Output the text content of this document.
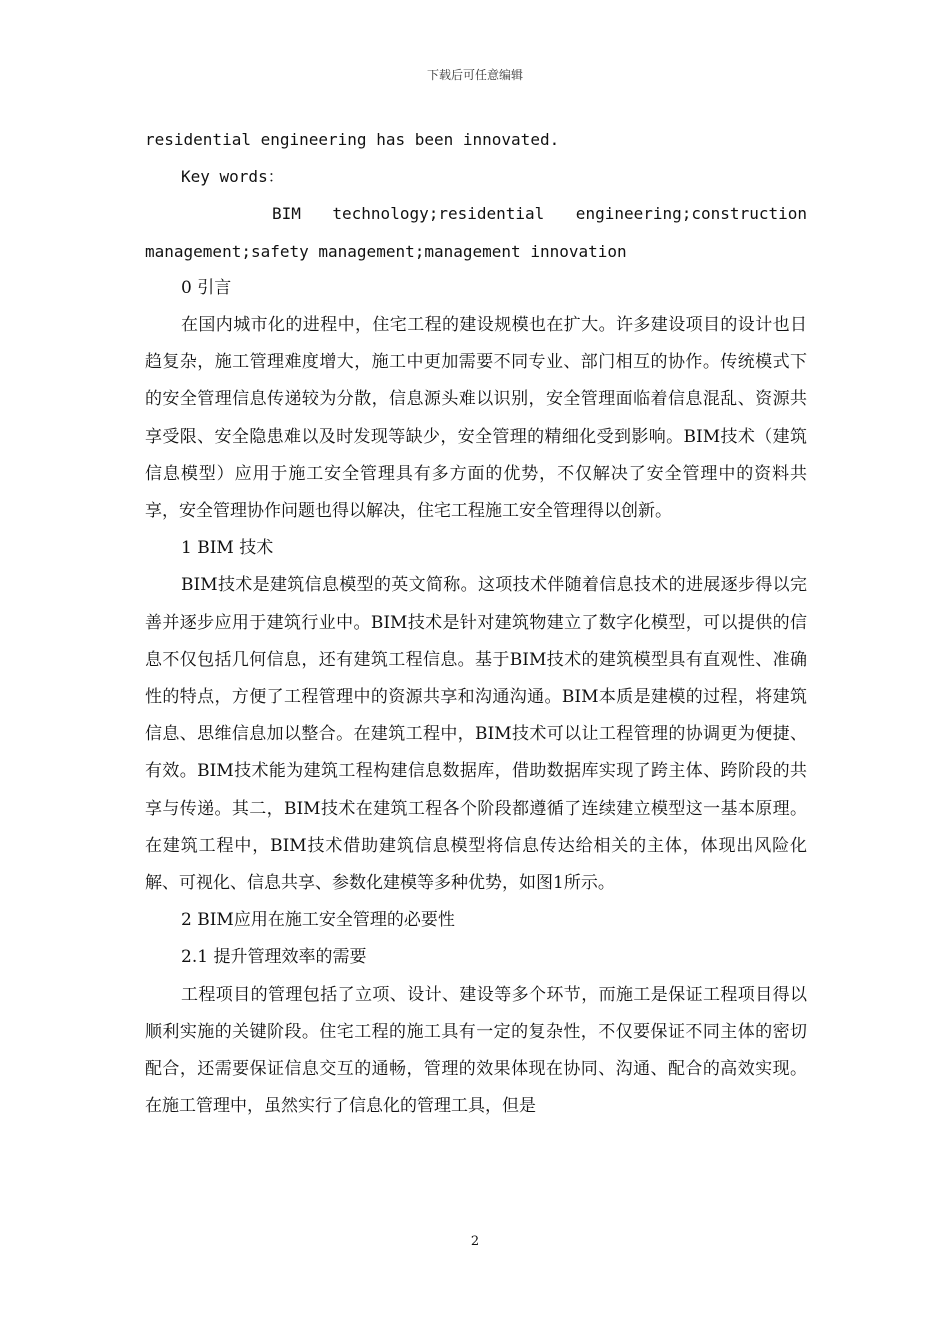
下载后可任意编辑

residential engineering has been innovated.

Key words：

BIM technology;residential engineering;construction

management;safety management;management innovation

0 引言

在国内城市化的进程中，住宅工程的建设规模也在扩大。许多建设项目的设计也日趋复杂，施工管理难度增大，施工中更加需要不同专业、部门相互的协作。传统模式下的安全管理信息传递较为分散，信息源头难以识别，安全管理面临着信息混乱、资源共享受限、安全隐患难以及时发现等缺少，安全管理的精细化受到影响。BIM技术（建筑信息模型）应用于施工安全管理具有多方面的优势，不仅解决了安全管理中的资料共享，安全管理协作问题也得以解决，住宅工程施工安全管理得以创新。

1 BIM 技术

BIM技术是建筑信息模型的英文简称。这项技术伴随着信息技术的进展逐步得以完善并逐步应用于建筑行业中。BIM技术是针对建筑物建立了数字化模型，可以提供的信息不仅包括几何信息，还有建筑工程信息。基于BIM技术的建筑模型具有直观性、准确性的特点，方便了工程管理中的资源共享和沟通沟通。BIM本质是建模的过程，将建筑信息、思维信息加以整合。在建筑工程中，BIM技术可以让工程管理的协调更为便捷、有效。BIM技术能为建筑工程构建信息数据库，借助数据库实现了跨主体、跨阶段的共享与传递。其二，BIM技术在建筑工程各个阶段都遵循了连续建立模型这一基本原理。在建筑工程中，BIM技术借助建筑信息模型将信息传达给相关的主体，体现出风险化解、可视化、信息共享、参数化建模等多种优势，如图1所示。

2 BIM应用在施工安全管理的必要性

2.1 提升管理效率的需要

工程项目的管理包括了立项、设计、建设等多个环节，而施工是保证工程项目得以顺利实施的关键阶段。住宅工程的施工具有一定的复杂性，不仅要保证不同主体的密切配合，还需要保证信息交互的通畅，管理的效果体现在协同、沟通、配合的高效实现。在施工管理中，虽然实行了信息化的管理工具，但是

2
